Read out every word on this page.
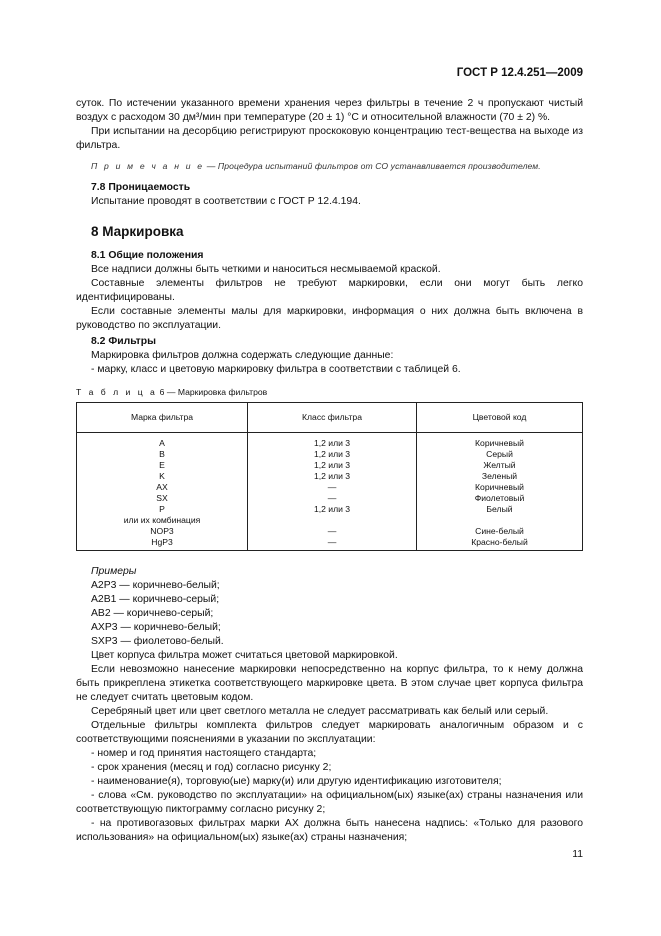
ГОСТ Р 12.4.251—2009

суток. По истечении указанного времени хранения через фильтры в течение 2 ч пропускают чистый воздух с расходом 30 дм³/мин при температуре (20 ± 1) °С и относительной влажности (70 ± 2) %.

При испытании на десорбцию регистрируют проскоковую концентрацию тест-вещества на выходе из фильтра.

П р и м е ч а н и е — Процедура испытаний фильтров от СО устанавливается производителем.

7.8 Проницаемость

Испытание проводят в соответствии с ГОСТ Р 12.4.194.

8 Маркировка
8.1 Общие положения

Все надписи должны быть четкими и наноситься несмываемой краской.

Составные элементы фильтров не требуют маркировки, если они могут быть легко идентифицированы.

Если составные элементы малы для маркировки, информация о них должна быть включена в руководство по эксплуатации.

8.2 Фильтры

Маркировка фильтров должна содержать следующие данные:

- марку, класс и цветовую маркировку фильтра в соответствии с таблицей 6.

Т а б л и ц а 6 — Маркировка фильтров
Марка фильтра	Класс фильтра	Цветовой код
A	1,2 или 3	Коричневый
B	1,2 или 3	Серый
E	1,2 или 3	Желтый
K	1,2 или 3	Зеленый
AX	—	Коричневый
SX	—	Фиолетовый
P	1,2 или 3	Белый
или их комбинация		
NOP3	—	Сине-белый
HgP3	—	Красно-белый
Примеры
A2P3 — коричнево-белый;
A2B1 — коричнево-серый;
AB2 — коричнево-серый;
AXP3 — коричнево-белый;
SXP3 — фиолетово-белый.

Цвет корпуса фильтра может считаться цветовой маркировкой.

Если невозможно нанесение маркировки непосредственно на корпус фильтра, то к нему должна быть прикреплена этикетка соответствующего маркировке цвета. В этом случае цвет корпуса фильтра не следует считать цветовым кодом.

Серебряный цвет или цвет светлого металла не следует рассматривать как белый или серый.

Отдельные фильтры комплекта фильтров следует маркировать аналогичным образом и с соответствующими пояснениями в указании по эксплуатации:

- номер и год принятия настоящего стандарта;

- срок хранения (месяц и год) согласно рисунку 2;

- наименование(я), торговую(ые) марку(и) или другую идентификацию изготовителя;

- слова «См. руководство по эксплуатации» на официальном(ых) языке(ах) страны назначения или соответствующую пиктограмму согласно рисунку 2;

- на противогазовых фильтрах марки АХ должна быть нанесена надпись: «Только для разового использования» на официальном(ых) языке(ах) страны назначения;

11
